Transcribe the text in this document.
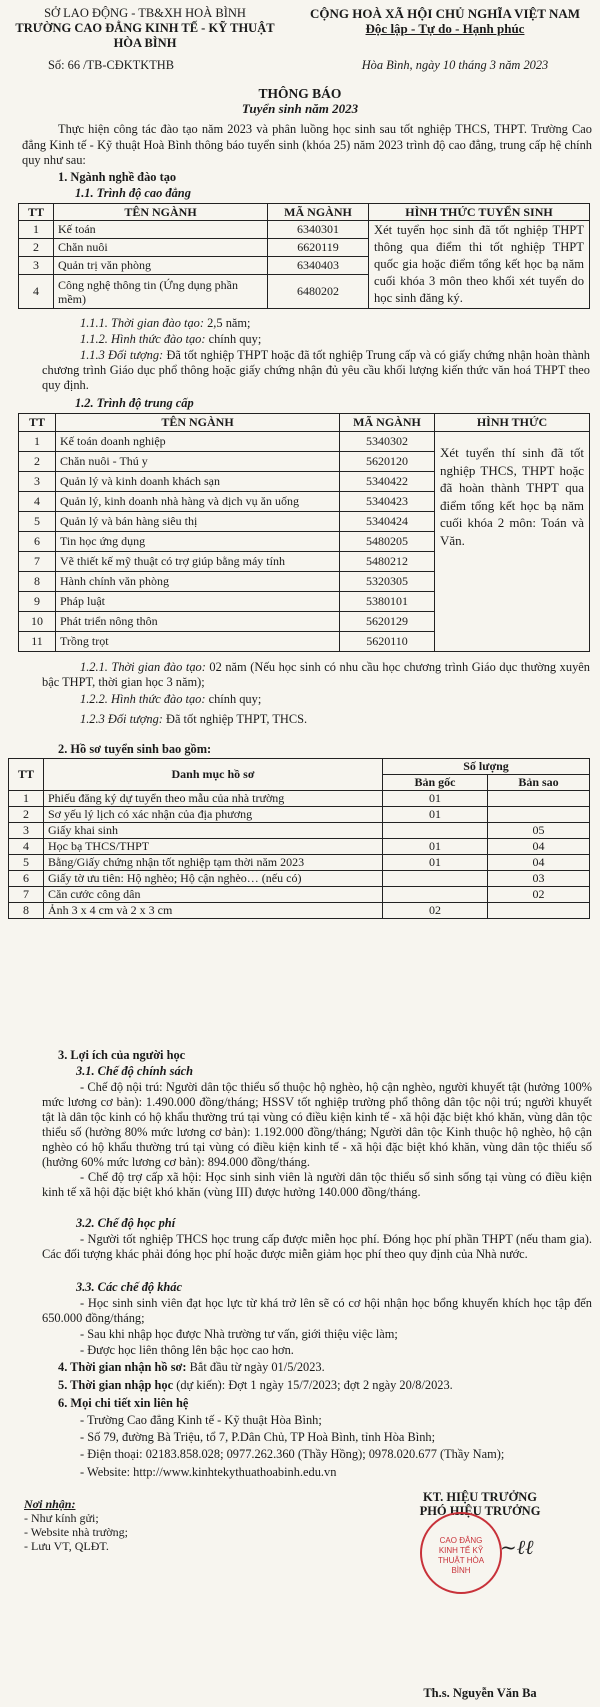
SỞ LAO ĐỘNG - TB&XH HOÀ BÌNH
TRƯỜNG CAO ĐẲNG KINH TẾ - KỸ THUẬT
HÒA BÌNH
CỘNG HOÀ XÃ HỘI CHỦ NGHĨA VIỆT NAM
Độc lập - Tự do - Hạnh phúc
Số: 66 /TB-CĐKTKTHB	Hòa Bình, ngày 10 tháng 3 năm 2023
THÔNG BÁO
Tuyển sinh năm 2023
Thực hiện công tác đào tạo năm 2023 và phân luồng học sinh sau tốt nghiệp THCS, THPT. Trường Cao đẳng Kinh tế - Kỹ thuật Hoà Bình thông báo tuyển sinh (khóa 25) năm 2023 trình độ cao đẳng, trung cấp hệ chính quy như sau:
1. Ngành nghề đào tạo
1.1. Trình độ cao đẳng
TT	TÊN NGÀNH	MÃ NGÀNH	HÌNH THỨC TUYỂN SINH
1	Kế toán	6340301	Xét tuyển học sinh đã tốt nghiệp THPT thông qua điểm thi tốt nghiệp THPT quốc gia hoặc điểm tổng kết học bạ năm cuối khóa 3 môn theo khối xét tuyển do học sinh đăng ký.
2	Chăn nuôi	6620119	
3	Quản trị văn phòng	6340403	
4	Công nghệ thông tin (Ứng dụng phần mềm)	6480202	
1.1.1. Thời gian đào tạo: 2,5 năm;
1.1.2. Hình thức đào tạo: chính quy;
1.1.3 Đối tượng: Đã tốt nghiệp THPT hoặc đã tốt nghiệp Trung cấp và có giấy chứng nhận hoàn thành chương trình Giáo dục phổ thông hoặc giấy chứng nhận đủ yêu cầu khối lượng kiến thức văn hoá THPT theo quy định.
1.2. Trình độ trung cấp
TT	TÊN NGÀNH	MÃ NGÀNH	HÌNH THỨC
1	Kế toán doanh nghiệp	5340302	Xét tuyển thí sinh đã tốt nghiệp THCS, THPT hoặc đã hoàn thành THPT qua điểm tổng kết học bạ năm cuối khóa 2 môn: Toán và Văn.
2	Chăn nuôi - Thú y	5620120	
3	Quản lý và kinh doanh khách sạn	5340422	
4	Quản lý, kinh doanh nhà hàng và dịch vụ ăn uống	5340423	
5	Quản lý và bán hàng siêu thị	5340424	
6	Tin học ứng dụng	5480205	
7	Vẽ thiết kế mỹ thuật có trợ giúp bằng máy tính	5480212	
8	Hành chính văn phòng	5320305	
9	Pháp luật	5380101	
10	Phát triển nông thôn	5620129	
11	Trồng trọt	5620110	
1.2.1. Thời gian đào tạo: 02 năm (Nếu học sinh có nhu cầu học chương trình Giáo dục thường xuyên bậc THPT, thời gian học 3 năm);
1.2.2. Hình thức đào tạo: chính quy;
1.2.3 Đối tượng: Đã tốt nghiệp THPT, THCS.
2. Hồ sơ tuyển sinh bao gồm:
TT	Danh mục hồ sơ	Số lượng	
		Bản gốc	Bản sao
1	Phiếu đăng ký dự tuyển theo mẫu của nhà trường	01	
2	Sơ yếu lý lịch có xác nhận của địa phương	01	
3	Giấy khai sinh		05
4	Học bạ THCS/THPT	01	04
5	Bằng/Giấy chứng nhận tốt nghiệp tạm thời năm 2023	01	04
6	Giấy tờ ưu tiên: Hộ nghèo; Hộ cận nghèo… (nếu có)		03
7	Căn cước công dân		02
8	Ảnh 3 x 4 cm và 2 x 3 cm	02	
3. Lợi ích của người học
3.1. Chế độ chính sách
- Chế độ nội trú: Người dân tộc thiểu số thuộc hộ nghèo, hộ cận nghèo, người khuyết tật (hưởng 100% mức lương cơ bản): 1.490.000 đồng/tháng; HSSV tốt nghiệp trường phổ thông dân tộc nội trú; người khuyết tật là dân tộc kinh có hộ khẩu thường trú tại vùng có điều kiện kinh tế - xã hội đặc biệt khó khăn, vùng dân tộc thiểu số (hưởng 80% mức lương cơ bản): 1.192.000 đồng/tháng; Người dân tộc Kinh thuộc hộ nghèo, hộ cận nghèo có hộ khẩu thường trú tại vùng có điều kiện kinh tế - xã hội đặc biệt khó khăn, vùng dân tộc thiểu số (hưởng 60% mức lương cơ bản): 894.000 đồng/tháng.
- Chế độ trợ cấp xã hội: Học sinh sinh viên là người dân tộc thiểu số sinh sống tại vùng có điều kiện kinh tế xã hội đặc biệt khó khăn (vùng III) được hưởng 140.000 đồng/tháng.
3.2. Chế độ học phí
- Người tốt nghiệp THCS học trung cấp được miễn học phí. Đóng học phí phần THPT (nếu tham gia). Các đối tượng khác phải đóng học phí hoặc được miễn giảm học phí theo quy định của Nhà nước.
3.3. Các chế độ khác
- Học sinh sinh viên đạt học lực từ khá trở lên sẽ có cơ hội nhận học bổng khuyến khích học tập đến 650.000 đồng/tháng;
- Sau khi nhập học được Nhà trường tư vấn, giới thiệu việc làm;
- Được học liên thông lên bậc học cao hơn.
4. Thời gian nhận hồ sơ: Bắt đầu từ ngày 01/5/2023.
5. Thời gian nhập học (dự kiến): Đợt 1 ngày 15/7/2023; đợt 2 ngày 20/8/2023.
6. Mọi chi tiết xin liên hệ
- Trường Cao đẳng Kinh tế - Kỹ thuật Hòa Bình;
- Số 79, đường Bà Triệu, tổ 7, P.Dân Chủ, TP Hoà Bình, tỉnh Hòa Bình;
- Điện thoại: 02183.858.028; 0977.262.360 (Thầy Hồng); 0978.020.677 (Thầy Nam);
- Website: http://www.kinhtekythuathoabinh.edu.vn
Nơi nhận:
- Như kính gửi;
- Website nhà trường;
- Lưu VT, QLĐT.
KT. HIỆU TRƯỞNG
PHÓ HIỆU TRƯỞNG
CAO ĐẲNG KINH TẾ KỸ THUẬT HÒA BÌNH
~ℓℓ
Th.s. Nguyễn Văn Ba
